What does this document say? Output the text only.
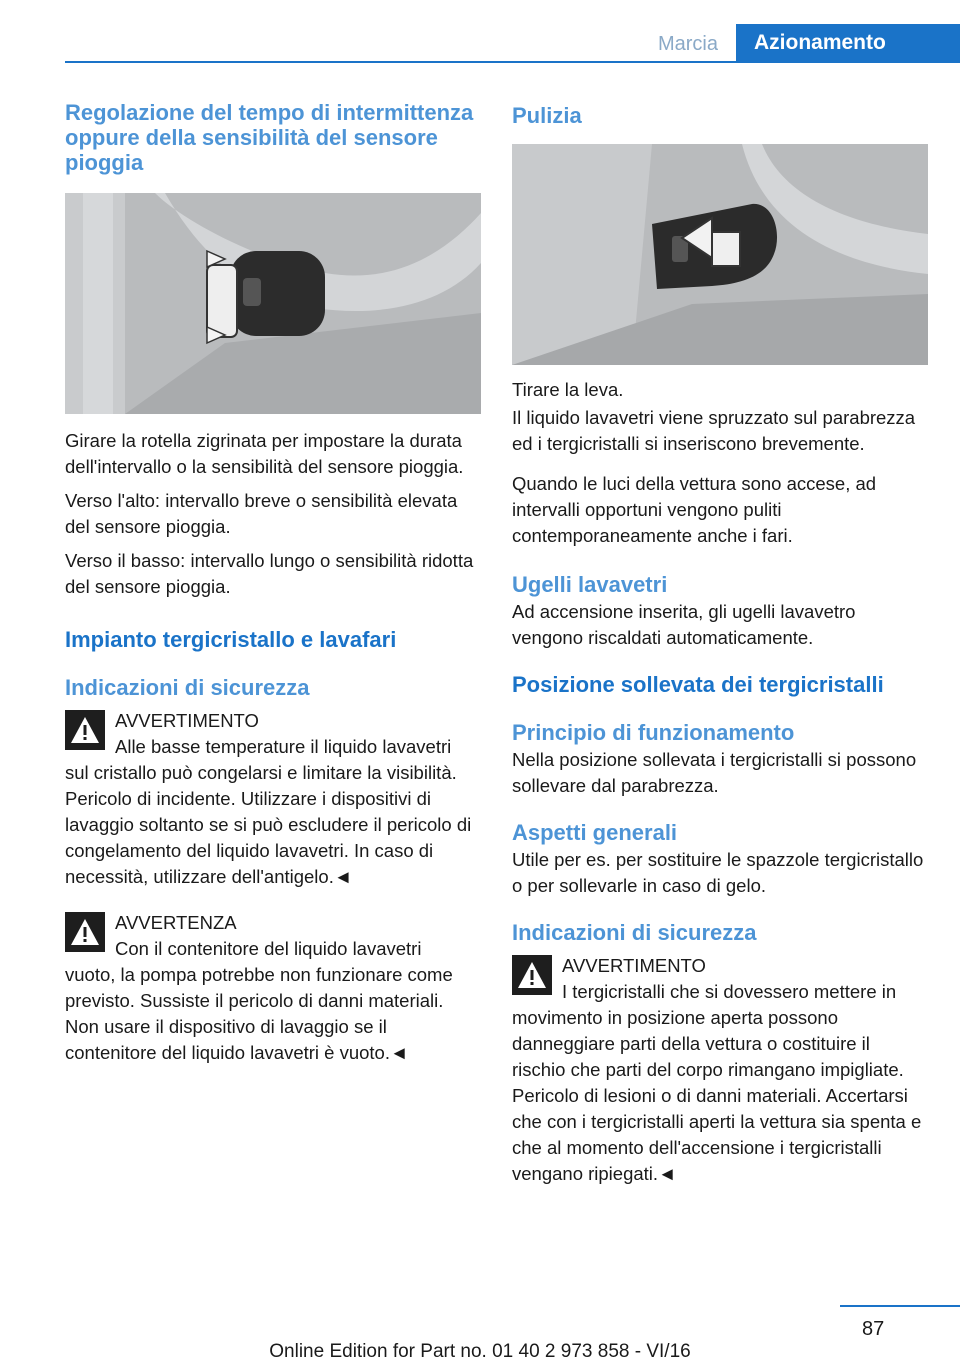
Marcia	Azionamento
Regolazione del tempo di intermittenza oppure della sensibilità del sensore pioggia

Girare la rotella zigrinata per impostare la durata dell'intervallo o la sensibilità del sensore pioggia.

Verso l'alto: intervallo breve o sensibilità elevata del sensore pioggia.

Verso il basso: intervallo lungo o sensibilità ridotta del sensore pioggia.

Impianto tergicristallo e lavafari
Indicazioni di sicurezza

AVVERTIMENTO

Alle basse temperature il liquido lavavetri

sul cristallo può congelarsi e limitare la visibilità. Pericolo di incidente. Utilizzare i dispositivi di lavaggio soltanto se si può escludere il pericolo di congelamento del liquido lavavetri. In caso di necessità, utilizzare dell'antigelo.◄

AVVERTENZA

Con il contenitore del liquido lavavetri

vuoto, la pompa potrebbe non funzionare come previsto. Sussiste il pericolo di danni materiali. Non usare il dispositivo di lavaggio se il contenitore del liquido lavavetri è vuoto.◄

Pulizia

Tirare la leva.

Il liquido lavavetri viene spruzzato sul parabrezza ed i tergicristalli si inseriscono brevemente.

Quando le luci della vettura sono accese, ad intervalli opportuni vengono puliti contemporaneamente anche i fari.

Ugelli lavavetri

Ad accensione inserita, gli ugelli lavavetro vengono riscaldati automaticamente.

Posizione sollevata dei tergicristalli
Principio di funzionamento

Nella posizione sollevata i tergicristalli si possono sollevare dal parabrezza.

Aspetti generali

Utile per es. per sostituire le spazzole tergicristallo o per sollevarle in caso di gelo.

Indicazioni di sicurezza

AVVERTIMENTO

I tergicristalli che si dovessero mettere in

movimento in posizione aperta possono danneggiare parti della vettura o costituire il rischio che parti del corpo rimangano impigliate. Pericolo di lesioni o di danni materiali. Accertarsi che con i tergicristalli aperti la vettura sia spenta e che al momento dell'accensione i tergicristalli vengano ripiegati.◄

87
Online Edition for Part no. 01 40 2 973 858 - VI/16
